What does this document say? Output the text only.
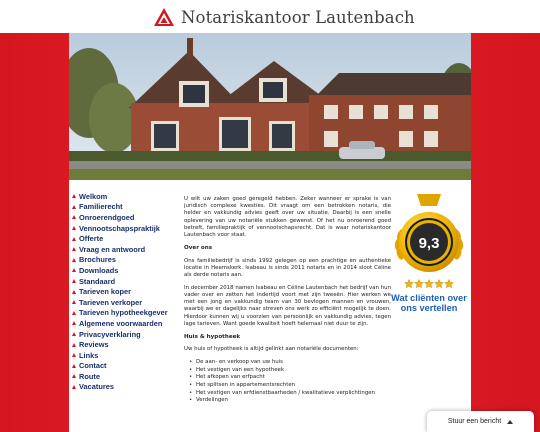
Notariskantoor Lautenbach
Welkom
Familierecht
Onroerendgoed
Vennootschapspraktijk
Offerte
Vraag en antwoord
Brochures
Downloads
Standaard
Tarieven koper
Tarieven verkoper
Tarieven hypotheekgever
Algemene voorwaarden
Privacyverklaring
Reviews
Links
Contact
Route
Vacatures

U wilt uw zaken goed geregeld hebben. Zeker wanneer er sprake is van juridisch complexe kwesties. Dit vraagt om een betrokken notaris, die helder en vakkundig advies geeft over uw situatie. Daarbij is een snelle oplevering van uw notariële stukken gewenst. Of het nu onroerend goed betreft, familiepraktijk of vennootschapsrecht. Dat is waar notariskantoor Lautenbach voor staat.

Over ons

Ons familiebedrijf is sinds 1992 gelegen op een prachtige en authentieke locatie in Heemskerk. Isabeau is sinds 2011 notaris en in 2014 sloot Céline als derde notaris aan.

In december 2018 namen Isabeau en Céline Lautenbach het bedrijf van hun vader over en zetten het indertijd voort met zijn tweeën. Hier werken we met een jong en vakkundig team van 30 bevlogen mannen en vrouwen, waarbij we er dagelijks naar streven ons werk zo efficiënt mogelijk te doen. Hierdoor kunnen wij u voorzien van persoonlijk en vakkundig advies, tegen lage tarieven. Want goede kwaliteit hoeft helemaal niet duur te zijn.

Huis & hypotheek

Uw huis of hypotheek is altijd gelinkt aan notariële documenten:

• De aan- en verkoop van uw huis
• Het vestigen van een hypotheek
• Het afkopen van erfpacht
• Het splitsen in appartementsrechten
• Het vestigen van erfdienstbaarheden / kwalitatieve verplichtingen
• Verdelingen
9,3
Wat cliënten over ons vertellen
Stuur een bericht
